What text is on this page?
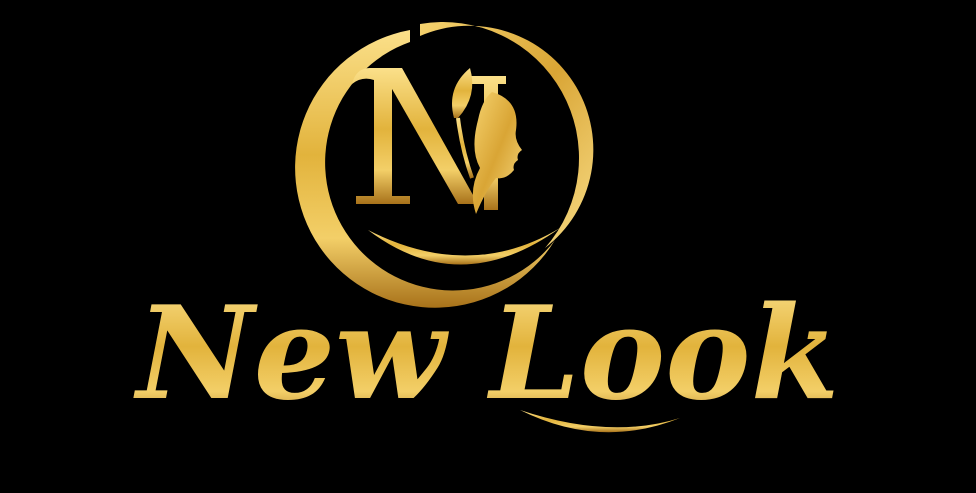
New Look
